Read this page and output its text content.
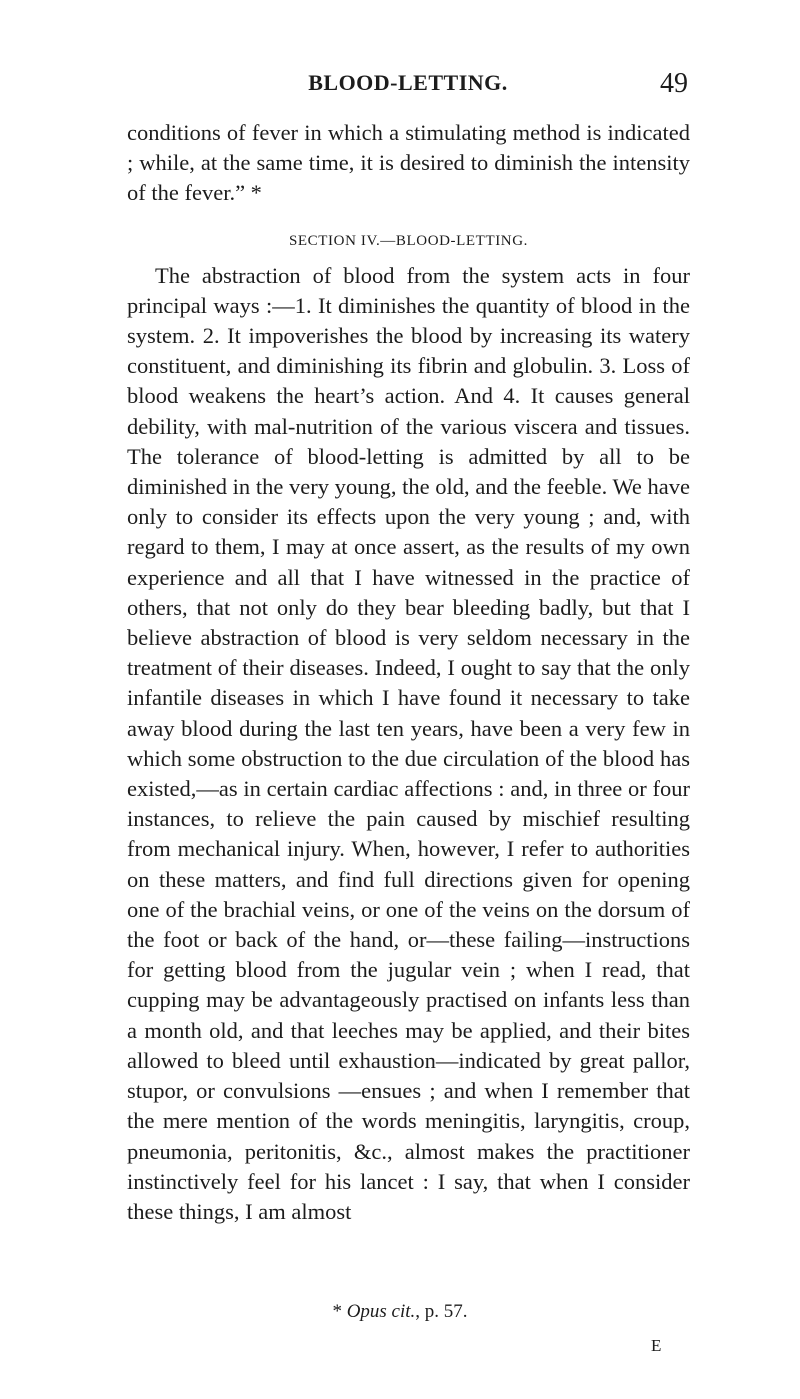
BLOOD-LETTING.	49

conditions of fever in which a stimulating method is indicated ; while, at the same time, it is desired to diminish the intensity of the fever.” *

SECTION IV.—BLOOD-LETTING.

The abstraction of blood from the system acts in four principal ways :—1. It diminishes the quantity of blood in the system. 2. It impoverishes the blood by increasing its watery constituent, and diminishing its fibrin and globulin. 3. Loss of blood weakens the heart’s action. And 4. It causes general debility, with mal-nutrition of the various viscera and tissues. The tolerance of blood-letting is admitted by all to be diminished in the very young, the old, and the feeble. We have only to consider its effects upon the very young ; and, with regard to them, I may at once assert, as the results of my own experience and all that I have witnessed in the practice of others, that not only do they bear bleeding badly, but that I believe abstraction of blood is very seldom necessary in the treatment of their diseases. Indeed, I ought to say that the only infantile diseases in which I have found it necessary to take away blood during the last ten years, have been a very few in which some obstruction to the due circulation of the blood has existed,—as in certain cardiac affections : and, in three or four instances, to relieve the pain caused by mischief resulting from mechanical injury. When, however, I refer to authorities on these matters, and find full directions given for opening one of the brachial veins, or one of the veins on the dorsum of the foot or back of the hand, or—these failing—instructions for getting blood from the jugular vein ; when I read, that cupping may be advantageously practised on infants less than a month old, and that leeches may be applied, and their bites allowed to bleed until exhaustion—indicated by great pallor, stupor, or convulsions —ensues ; and when I remember that the mere mention of the words meningitis, laryngitis, croup, pneumonia, peritonitis, &c., almost makes the practitioner instinctively feel for his lancet : I say, that when I consider these things, I am almost

* Opus cit., p. 57.
E
